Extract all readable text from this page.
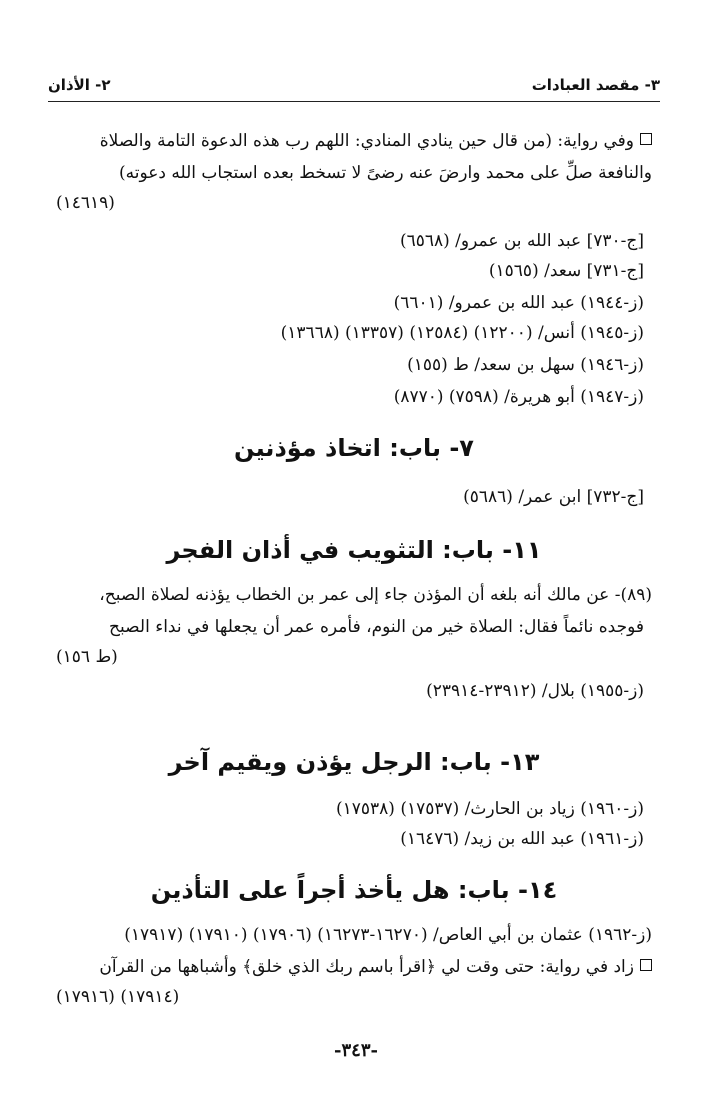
٣- مقصد العبادات
٢- الأذان
وفي رواية: (من قال حين ينادي المنادي: اللهم رب هذه الدعوة التامة والصلاة
والنافعة صلِّ على محمد وارضَ عنه رضىً لا تسخط بعده استجاب الله دعوته)
(١٤٦١٩)
[ج-٧٣٠] عبد الله بن عمرو/ (٦٥٦٨)
[ج-٧٣١] سعد/ (١٥٦٥)
(ز-١٩٤٤) عبد الله بن عمرو/ (٦٦٠١)
(ز-١٩٤٥) أنس/ (١٢٢٠٠) (١٢٥٨٤) (١٣٣٥٧) (١٣٦٦٨)
(ز-١٩٤٦) سهل بن سعد/ ط (١٥٥)
(ز-١٩٤٧) أبو هريرة/ (٧٥٩٨) (٨٧٧٠)
٧- باب: اتخاذ مؤذنين
[ج-٧٣٢] ابن عمر/ (٥٦٨٦)
١١- باب: التثويب في أذان الفجر
(٨٩)- عن مالك أنه بلغه أن المؤذن جاء إلى عمر بن الخطاب يؤذنه لصلاة الصبح،
فوجده نائماً فقال: الصلاة خير من النوم، فأمره عمر أن يجعلها في نداء الصبح
(ط ١٥٦)
(ز-١٩٥٥) بلال/ (٢٣٩١٢-٢٣٩١٤)
١٣- باب: الرجل يؤذن ويقيم آخر
(ز-١٩٦٠) زياد بن الحارث/ (١٧٥٣٧) (١٧٥٣٨)
(ز-١٩٦١) عبد الله بن زيد/ (١٦٤٧٦)
١٤- باب: هل يأخذ أجراً على التأذين
(ز-١٩٦٢) عثمان بن أبي العاص/ (١٦٢٧٠-١٦٢٧٣) (١٧٩٠٦) (١٧٩١٠) (١٧٩١٧)
زاد في رواية: حتى وقت لي ﴿اقرأ باسم ربك الذي خلق﴾ وأشباهها من القرآن
(١٧٩١٤) (١٧٩١٦)
-٣٤٣-
